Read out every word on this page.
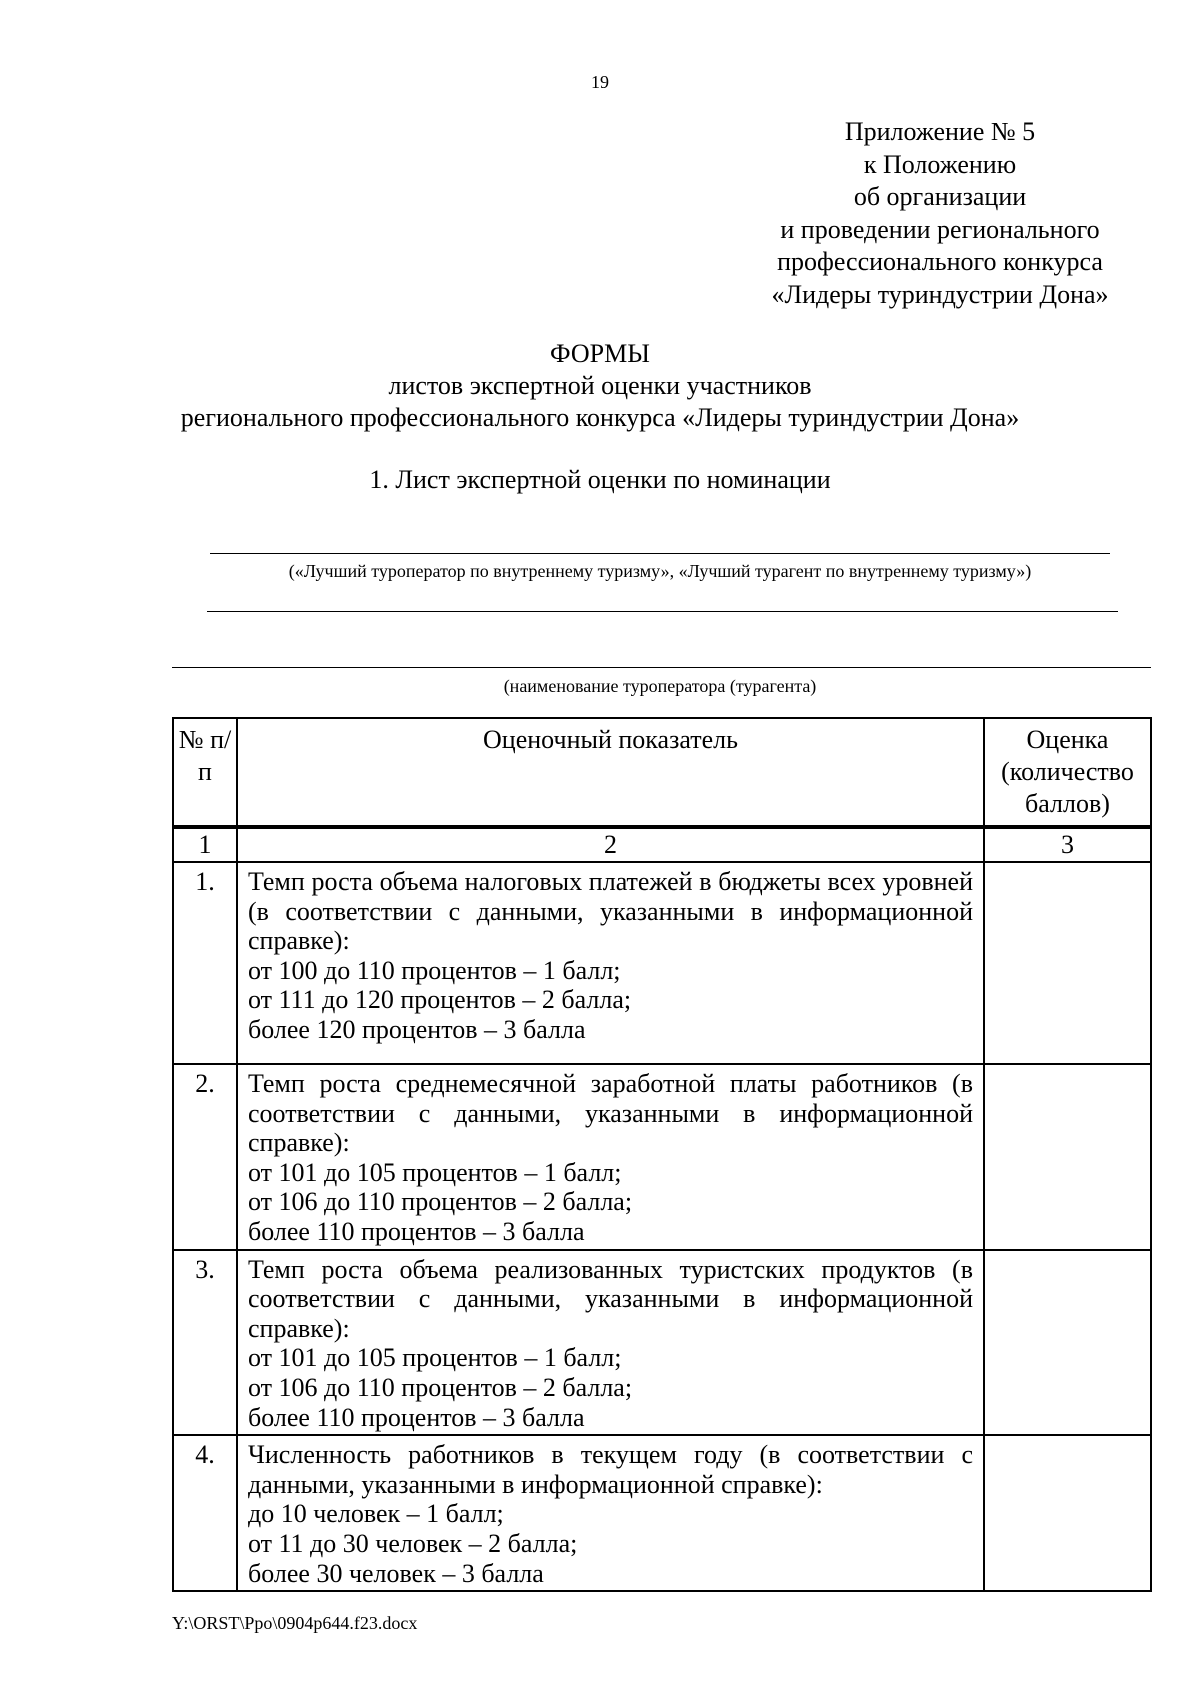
19
Приложение № 5
к Положению
об организации
и проведении регионального
профессионального конкурса
«Лидеры туриндустрии Дона»
ФОРМЫ
листов экспертной оценки участников
регионального профессионального конкурса «Лидеры туриндустрии Дона»
1. Лист экспертной оценки по номинации
(«Лучший туроператор по внутреннему туризму», «Лучший турагент по внутреннему туризму»)
(наименование туроператора (турагента)
№ п/п	Оценочный показатель	Оценка (количество баллов)
1	2	3
1.	Темп роста объема налоговых платежей в бюджеты всех уровней (в соответствии с данными, указанными в информационной справке):
от 100 до 110 процентов – 1 балл;
от 111 до 120 процентов – 2 балла;
более 120 процентов – 3 балла	

2.	Темп роста среднемесячной заработной платы работников (в соответствии с данными, указанными в информационной справке):
от 101 до 105 процентов – 1 балл;
от 106 до 110 процентов – 2 балла;
более 110 процентов – 3 балла	

3.	Темп роста объема реализованных туристских продуктов (в соответствии с данными, указанными в информационной справке):
от 101 до 105 процентов – 1 балл;
от 106 до 110 процентов – 2 балла;
более 110 процентов – 3 балла	

4.	Численность работников в текущем году (в соответствии с данными, указанными в информационной справке):
до 10 человек – 1 балл;
от 11 до 30 человек – 2 балла;
более 30 человек – 3 балла	

Y:\ORST\Ppo\0904p644.f23.docx
